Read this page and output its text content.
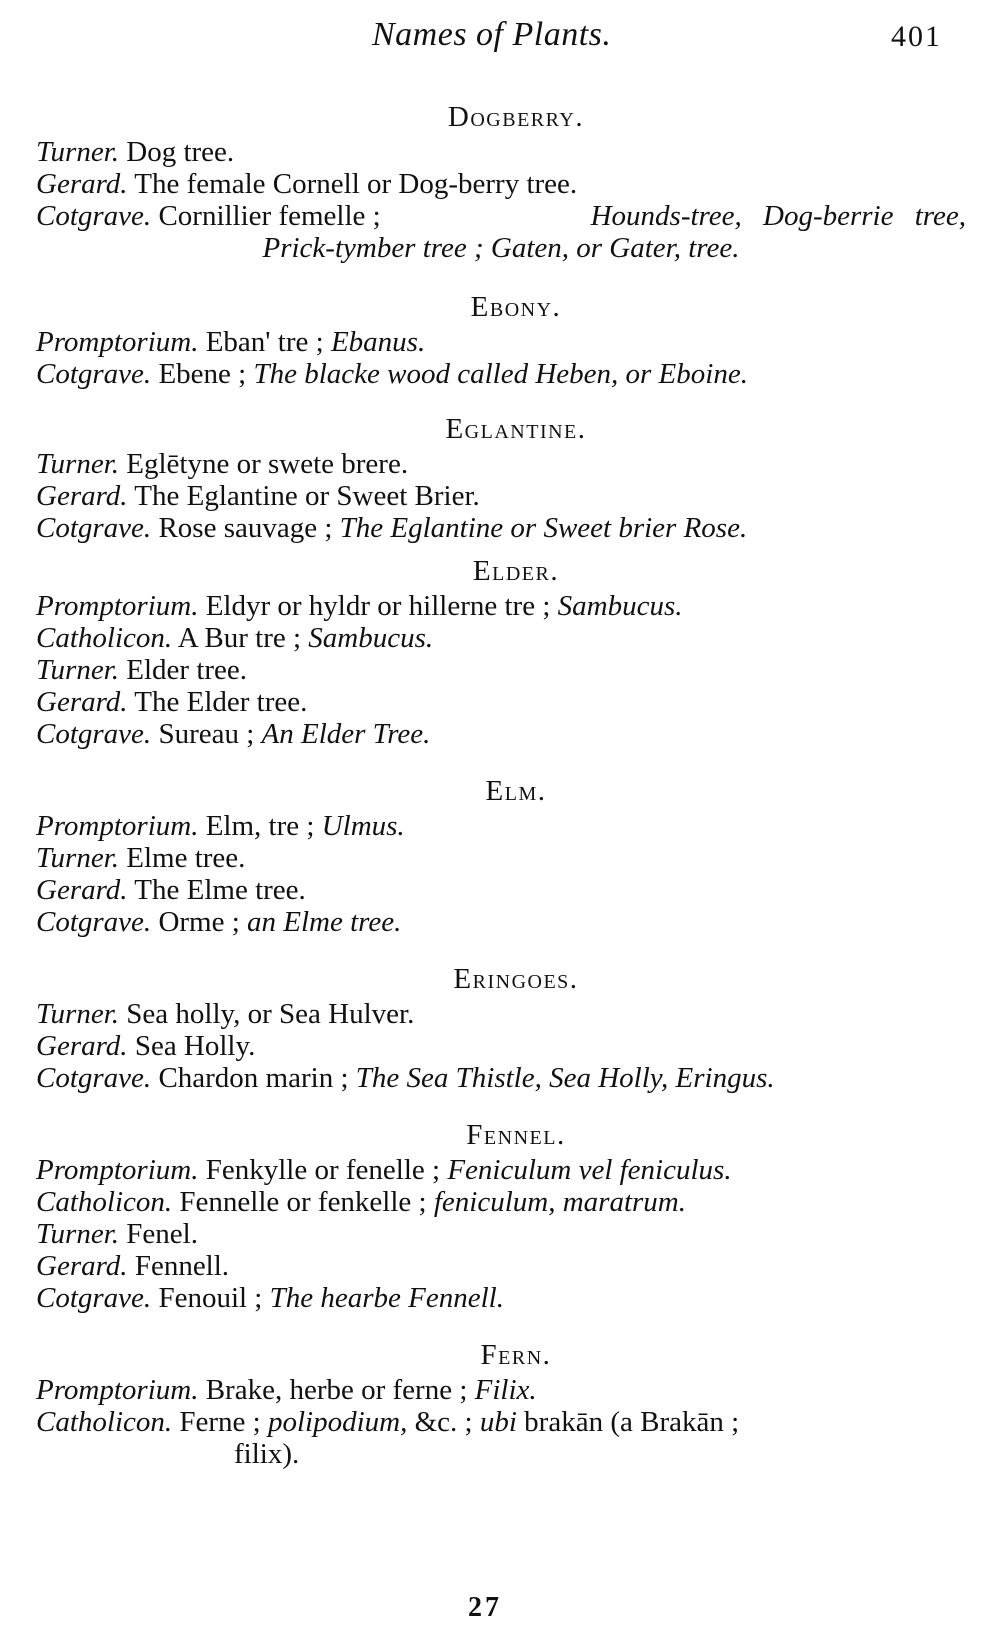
Names of Plants.	401
Dogberry.
Turner. Dog tree.
Gerard. The female Cornell or Dog-berry tree.
Cotgrave. Cornillier femelle ;	Hounds-tree, Dog-berrie tree,
Prick-tymber tree ; Gaten, or Gater, tree.
Ebony.
Promptorium. Eban' tre ; Ebanus.
Cotgrave. Ebene ; The blacke wood called Heben, or Eboine.
Eglantine.
Turner. Eglētyne or swete brere.
Gerard. The Eglantine or Sweet Brier.
Cotgrave. Rose sauvage ; The Eglantine or Sweet brier Rose.
Elder.
Promptorium. Eldyr or hyldr or hillerne tre ; Sambucus.
Catholicon. A Bur tre ; Sambucus.
Turner. Elder tree.
Gerard. The Elder tree.
Cotgrave. Sureau ; An Elder Tree.
Elm.
Promptorium. Elm, tre ; Ulmus.
Turner. Elme tree.
Gerard. The Elme tree.
Cotgrave. Orme ; an Elme tree.
Eringoes.
Turner. Sea holly, or Sea Hulver.
Gerard. Sea Holly.
Cotgrave. Chardon marin ; The Sea Thistle, Sea Holly, Eringus.
Fennel.
Promptorium. Fenkylle or fenelle ; Feniculum vel feniculus.
Catholicon. Fennelle or fenkelle ; feniculum, maratrum.
Turner. Fenel.
Gerard. Fennell.
Cotgrave. Fenouil ; The hearbe Fennell.
Fern.
Promptorium. Brake, herbe or ferne ; Filix.
Catholicon. Ferne ; polipodium, &c. ; ubi brakān (a Brakān ;
filix).
27
